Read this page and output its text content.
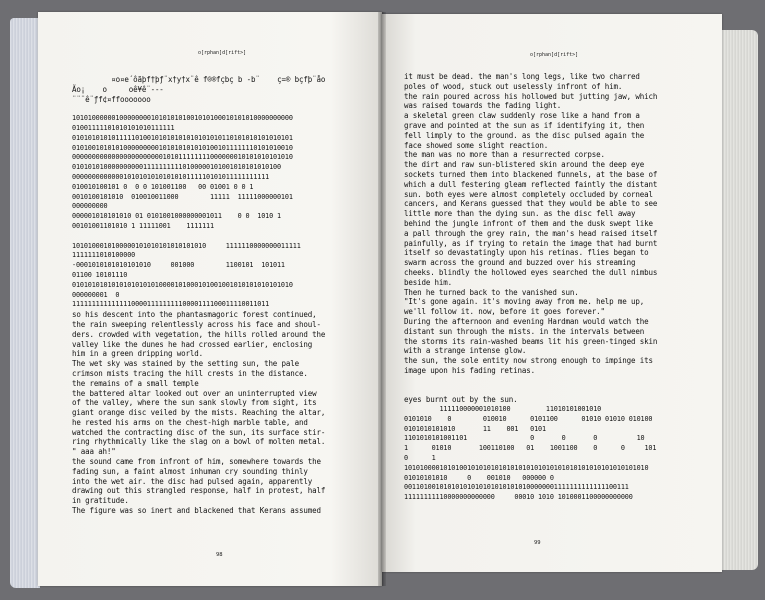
o[rphan]d[rift>]
¤o¤e´ôãþf†þƒ¨x†y†x¨ê f®®fçbç b -b¨    ç=® bçfþ¨åo
Ão¡    o     oê¥ê¨---
¨¨¨ê¨ƒf¢¤ffooooooo
10101000000100000000101010101001010100010101010000000000
01001111101010101010111111
01010101010111110100101010101010101010110101010101010101
01010010101010000000001010101010101001011111110101010010
00000000000000000000000101011111111000000010101010101010
01010101000000000011111111110100000101001010101010100
00000000000001010101010101010111110101011111111111
010010100101 0  0 0 101001100   00 01001 0 0 1
0010100101010  010010011000        11111  11111000000101
000000000
000001010101010 01 0101001000000001011    0 0  1010 1
00101001101010 1 11111001    1111111
1010100010100000101010101010101010     1111110000000011111
1111111010100000
-0001010101010101010     001000        1100101  101011
01100 10101110
01010101010101010101010000101000101001001010101010101010
000000001  0
11111111111111100001111111110000111100011110011011
so his descent into the phantasmagoric forest continued,
the rain sweeping relentlessly across his face and shoul-
ders. crowded with vegetation, the hills rolled around the
valley like the dunes he had crossed earlier, enclosing
him in a green dripping world.
The wet sky was stained by the setting sun, the pale
crimson mists tracing the hill crests in the distance.
the remains of a small temple
the battered altar looked out over an uninterrupted view
of the valley, where the sun sank slowly from sight, its
giant orange disc veiled by the mists. Reaching the altar,
he rested his arms on the chest-high marble table, and
watched the contracting disc of the sun, its surface stir-
ring rhythmically like the slag on a bowl of molten metal.
" aaa ah!"
the sound came from infront of him, somewhere towards the
fading sun, a faint almost inhuman cry sounding thinly
into the wet air. the disc had pulsed again, apparently
drawing out this strangled response, half in protest, half
in gratitude.
The figure was so inert and blackened that Kerans assumed
98
o[rphan]d[rift>]
it must be dead. the man's long legs, like two charred
poles of wood, stuck out uselessly infront of him.
the rain poured across his hollowed but jutting jaw, which
was raised towards the fading light.
a skeletal green claw suddenly rose like a hand from a
grave and pointed at the sun as if identifying it, then
fell limply to the ground. as the disc pulsed again the
face showed some slight reaction.
the man was no more than a resurrected corpse.
the dirt and raw sun-blistered skin around the deep eye
sockets turned them into blackened funnels, at the base of
which a dull festering gleam reflected faintly the distant
sun. both eyes were almost completely occluded by corneal
cancers, and Kerans guessed that they would be able to see
little more than the dying sun. as the disc fell away
behind the jungle infront of them and the dusk swept like
a pall through the grey rain, the man's head raised itself
painfully, as if trying to retain the image that had burnt
itself so devastatingly upon his retinas. flies began to
swarm across the ground and buzzed over his streaming
cheeks. blindly the hollowed eyes searched the dull nimbus
beside him.
Then he turned back to the vanished sun.
"It's gone again. it's moving away from me. help me up,
we'll follow it. now, before it goes forever."
During the afternoon and evening Hardman would watch the
distant sun through the mists. in the intervals between
the storms its rain-washed beams lit his green-tinged skin
with a strange intense glow.
the sun, the sole entity now strong enough to impinge its
image upon his fading retinas.
eyes burnt out by the sun.
111110000001010100         11010101001010
0101010    0        010010      0101100      01010 01010 010100
0101010101010       11    001   0101
1101010101001101                0       0       0          10
1      01010       100110100   01    1001100    0      0     101
0      1
10101000010101001010101010101010101010101010101010101010101010
01010101010     0    001010   000000 0
001101001010101010101010101010100000001111111111111100111
11111111110000000000000     00010 1010 1010001100000000000
99
